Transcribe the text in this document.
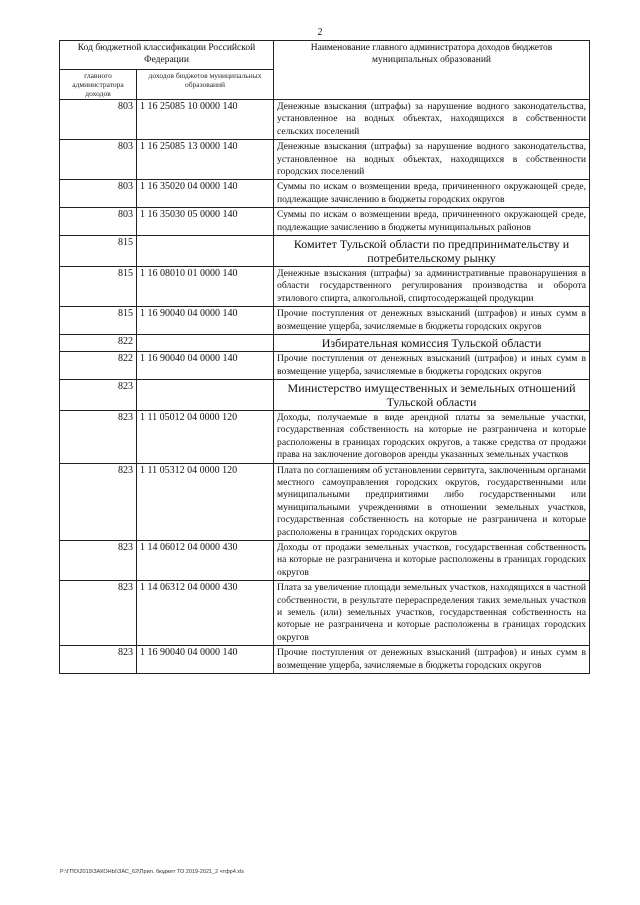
2
Код бюджетной классификации Российской Федерации		Наименование главного администратора доходов бюджетов муниципальных образований
главного администратора доходов	доходов бюджетов муниципальных образований	
803	1 16 25085 10 0000 140	Денежные взыскания (штрафы) за нарушение водного законодательства, установленное на водных объектах, находящихся в собственности сельских поселений
803	1 16 25085 13 0000 140	Денежные взыскания (штрафы) за нарушение водного законодательства, установленное на водных объектах, находящихся в собственности городских поселений
803	1 16 35020 04 0000 140	Суммы по искам о возмещении вреда, причиненного окружающей среде, подлежащие зачислению в бюджеты городских округов
803	1 16 35030 05 0000 140	Суммы по искам о возмещении вреда, причиненного окружающей среде, подлежащие зачислению в бюджеты муниципальных районов
815		Комитет Тульской области по предпринимательству и потребительскому рынку
815	1 16 08010 01 0000 140	Денежные взыскания (штрафы) за административные правонарушения в области государственного регулирования производства и оборота этилового спирта, алкогольной, спиртосодержащей продукции
815	1 16 90040 04 0000 140	Прочие поступления от денежных взысканий (штрафов) и иных сумм в возмещение ущерба, зачисляемые в бюджеты городских округов
822		Избирательная комиссия Тульской области
822	1 16 90040 04 0000 140	Прочие поступления от денежных взысканий (штрафов) и иных сумм в возмещение ущерба, зачисляемые в бюджеты городских округов
823		Министерство имущественных и земельных отношений Тульской области
823	1 11 05012 04 0000 120	Доходы, получаемые в виде арендной платы за земельные участки, государственная собственность на которые не разграничена и которые расположены в границах городских округов, а также средства от продажи права на заключение договоров аренды указанных земельных участков
823	1 11 05312 04 0000 120	Плата по соглашениям об установлении сервитута, заключенным органами местного самоуправления городских округов, государственными или муниципальными предприятиями либо государственными или муниципальными учреждениями в отношении земельных участков, государственная собственность на которые не разграничена и которые расположены в границах городских округов
823	1 14 06012 04 0000 430	Доходы от продажи земельных участков, государственная собственность на которые не разграничена и которые расположены в границах городских округов
823	1 14 06312 04 0000 430	Плата за увеличение площади земельных участков, находящихся в частной собственности, в результате перераспределения таких земельных участков и земель (или) земельных участков, государственная собственность на которые не разграничена и которые расположены в границах городских округов
823	1 16 90040 04 0000 140	Прочие поступления от денежных взысканий (штрафов) и иных сумм в возмещение ущерба, зачисляемые в бюджеты городских округов
P:\ГПО\2019\ЗАКОНЫ\ЗАС_62\Прил. бюджет ТО 2019-2021_2 чтфр4.xls
